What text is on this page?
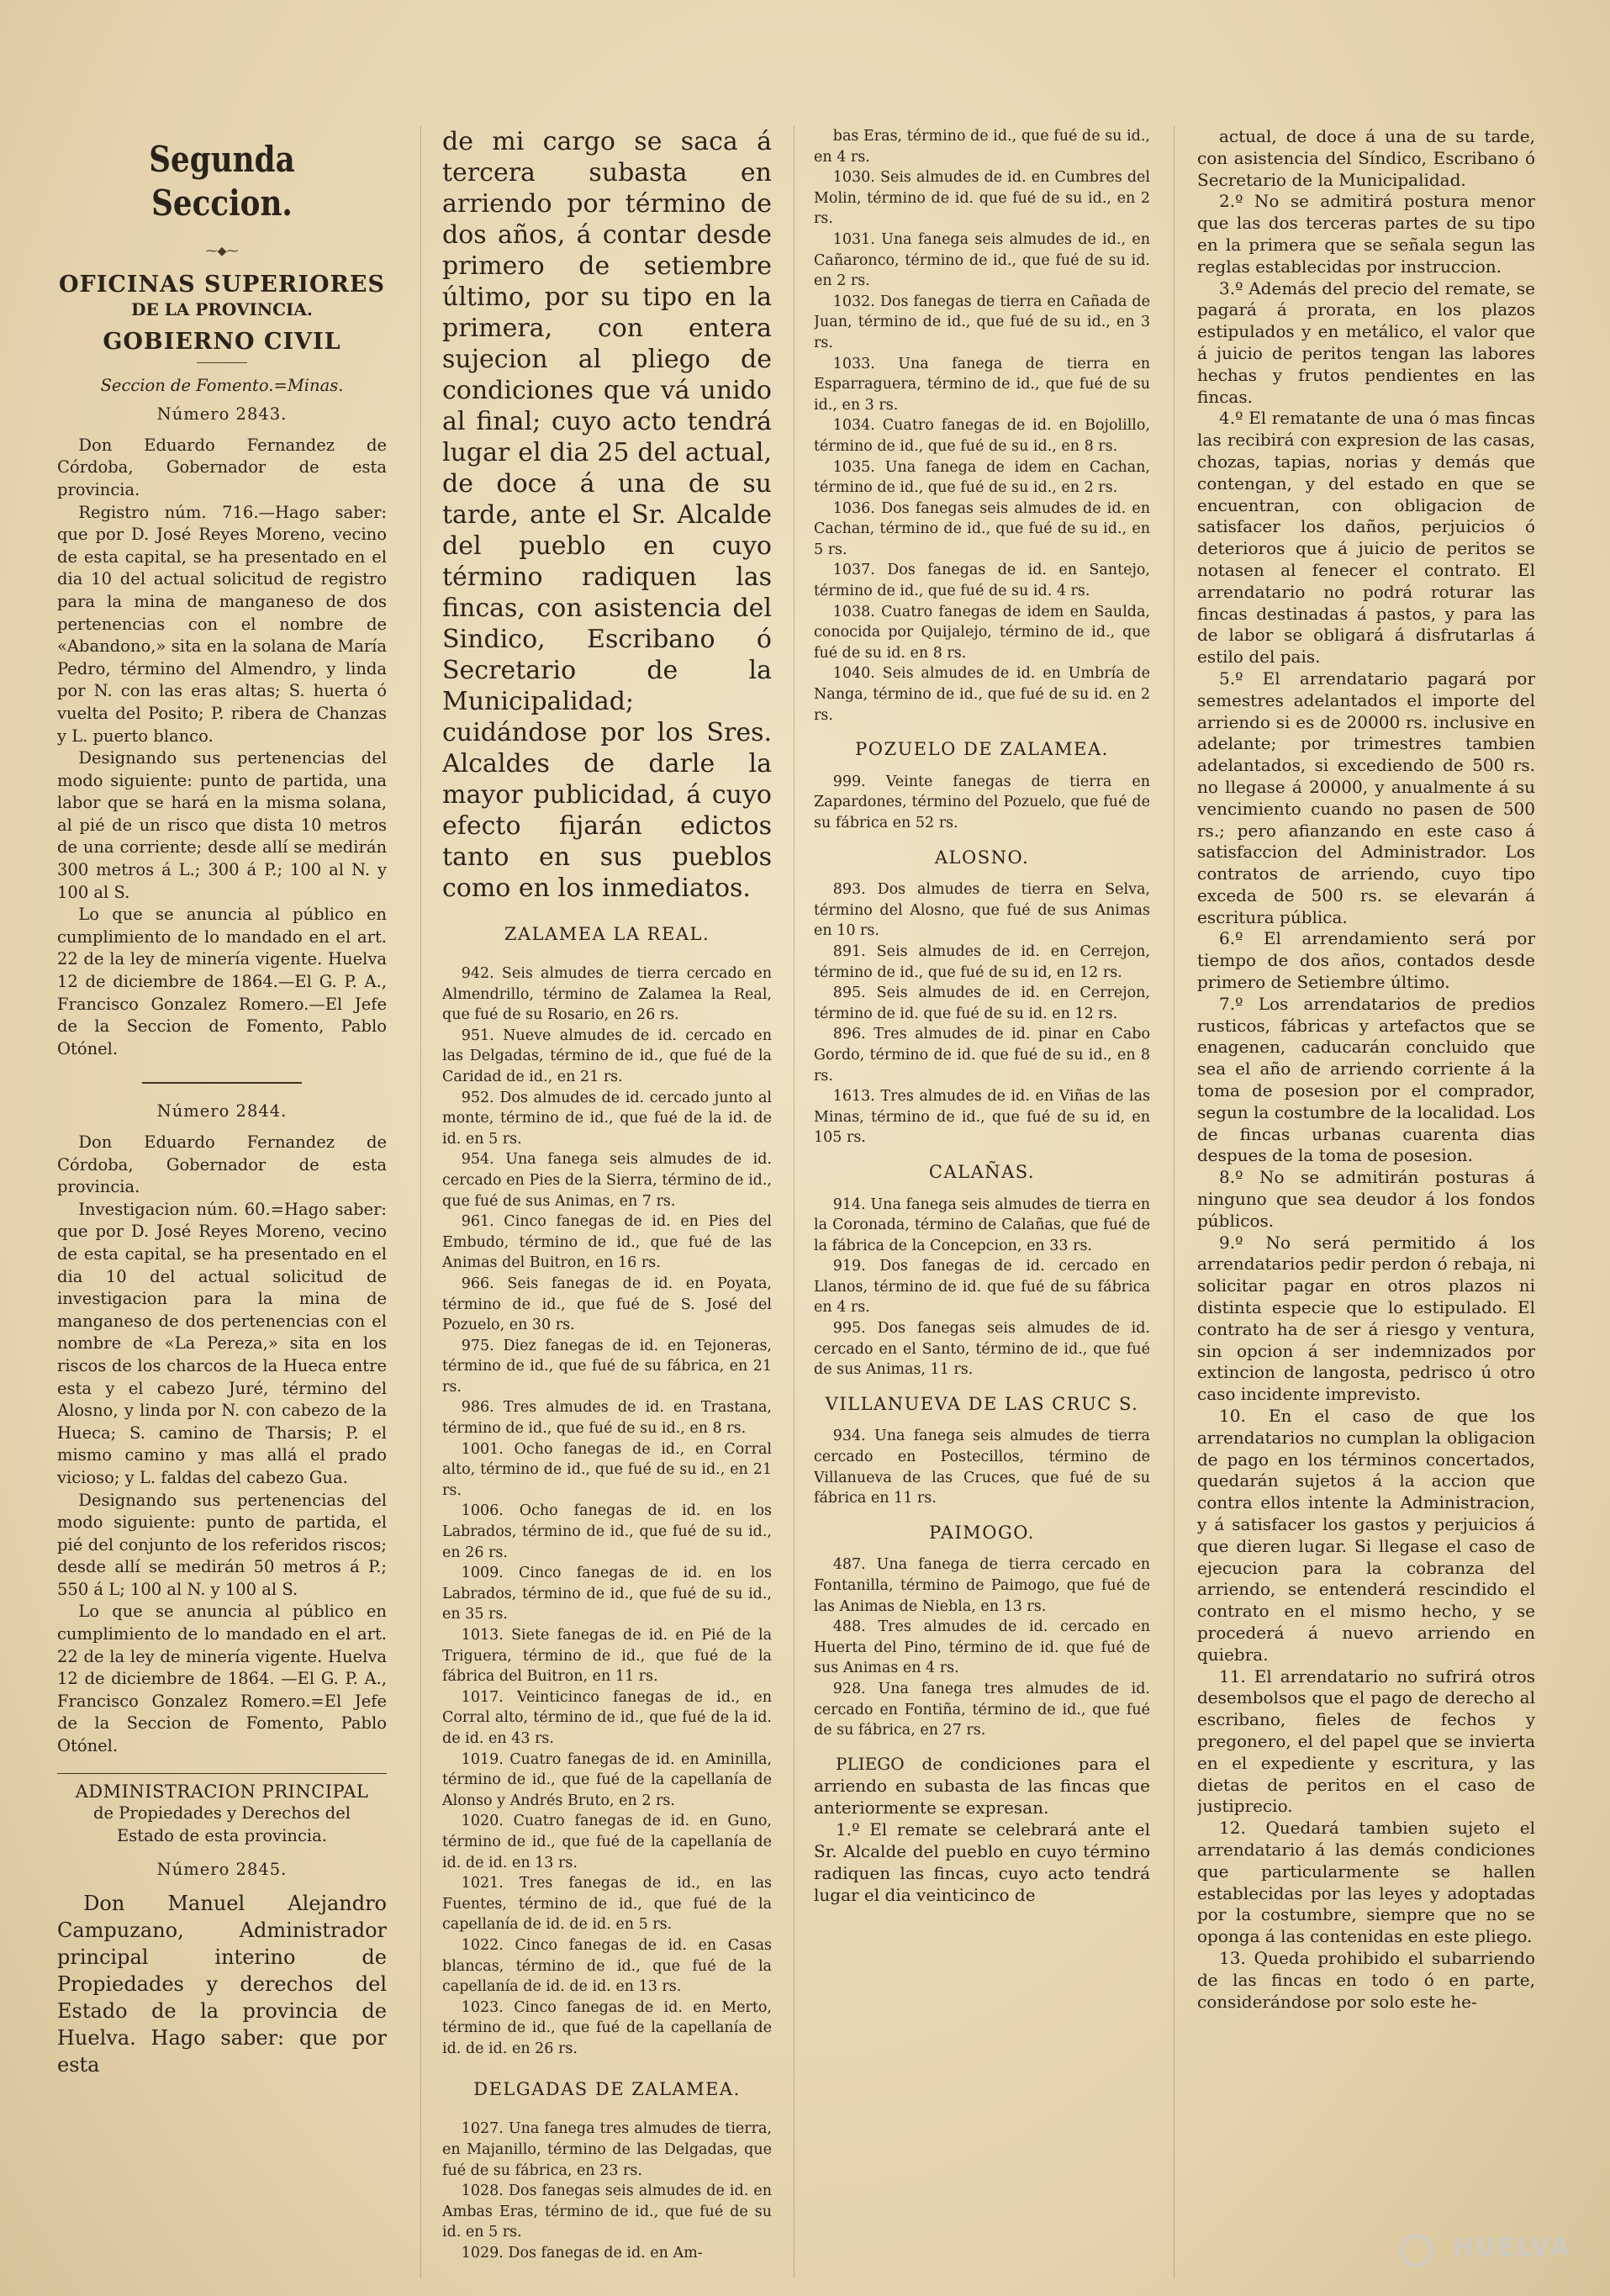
Segunda Seccion.
⁓◆⁓
OFICINAS SUPERIORES
DE LA PROVINCIA.
GOBIERNO CIVIL
Seccion de Fomento.=Minas.
Número 2843.

Don Eduardo Fernandez de Córdoba, Gobernador de esta provincia.

Registro núm. 716.—Hago saber: que por D. José Reyes Moreno, vecino de esta capital, se ha presentado en el dia 10 del actual solicitud de registro para la mina de manganeso de dos pertenencias con el nombre de «Abandono,» sita en la solana de María Pedro, término del Almendro, y linda por N. con las eras altas; S. huerta ó vuelta del Posito; P. ribera de Chanzas y L. puerto blanco.

Designando sus pertenencias del modo siguiente: punto de partida, una labor que se hará en la misma solana, al pié de un risco que dista 10 metros de una corriente; desde allí se medirán 300 metros á L.; 300 á P.; 100 al N. y 100 al S.

Lo que se anuncia al público en cumplimiento de lo mandado en el art. 22 de la ley de minería vigente. Huelva 12 de diciembre de 1864.—El G. P. A., Francisco Gonzalez Romero.—El Jefe de la Seccion de Fomento, Pablo Otónel.

Número 2844.

Don Eduardo Fernandez de Córdoba, Gobernador de esta provincia.

Investigacion núm. 60.=Hago saber: que por D. José Reyes Moreno, vecino de esta capital, se ha presentado en el dia 10 del actual solicitud de investigacion para la mina de manganeso de dos pertenencias con el nombre de «La Pereza,» sita en los riscos de los charcos de la Hueca entre esta y el cabezo Juré, término del Alosno, y linda por N. con cabezo de la Hueca; S. camino de Tharsis; P. el mismo camino y mas allá el prado vicioso; y L. faldas del cabezo Gua.

Designando sus pertenencias del modo siguiente: punto de partida, el pié del conjunto de los referidos riscos; desde allí se medirán 50 metros á P.; 550 á L; 100 al N. y 100 al S.

Lo que se anuncia al público en cumplimiento de lo mandado en el art. 22 de la ley de minería vigente. Huelva 12 de diciembre de 1864. —El G. P. A., Francisco Gonzalez Romero.=El Jefe de la Seccion de Fomento, Pablo Otónel.

ADMINISTRACION PRINCIPAL
de Propiedades y Derechos del
Estado de esta provincia.
Número 2845.

Don Manuel Alejandro Campuzano, Administrador principal interino de Propiedades y derechos del Estado de la provincia de Huelva. Hago saber: que por esta

de mi cargo se saca á tercera subasta en arriendo por término de dos años, á contar desde primero de setiembre último, por su tipo en la primera, con entera sujecion al pliego de condiciones que vá unido al final; cuyo acto tendrá lugar el dia 25 del actual, de doce á una de su tarde, ante el Sr. Alcalde del pueblo en cuyo término radiquen las fincas, con asistencia del Sindico, Escribano ó Secretario de la Municipalidad; cuidándose por los Sres. Alcaldes de darle la mayor publicidad, á cuyo efecto fijarán edictos tanto en sus pueblos como en los inmediatos.

ZALAMEA LA REAL.

942. Seis almudes de tierra cercado en Almendrillo, término de Zalamea la Real, que fué de su Rosario, en 26 rs.

951. Nueve almudes de id. cercado en las Delgadas, término de id., que fué de la Caridad de id., en 21 rs.

952. Dos almudes de id. cercado junto al monte, término de id., que fué de la id. de id. en 5 rs.

954. Una fanega seis almudes de id. cercado en Pies de la Sierra, término de id., que fué de sus Animas, en 7 rs.

961. Cinco fanegas de id. en Pies del Embudo, término de id., que fué de las Animas del Buitron, en 16 rs.

966. Seis fanegas de id. en Poyata, término de id., que fué de S. José del Pozuelo, en 30 rs.

975. Diez fanegas de id. en Tejoneras, término de id., que fué de su fábrica, en 21 rs.

986. Tres almudes de id. en Trastana, término de id., que fué de su id., en 8 rs.

1001. Ocho fanegas de id., en Corral alto, término de id., que fué de su id., en 21 rs.

1006. Ocho fanegas de id. en los Labrados, término de id., que fué de su id., en 26 rs.

1009. Cinco fanegas de id. en los Labrados, término de id., que fué de su id., en 35 rs.

1013. Siete fanegas de id. en Pié de la Triguera, término de id., que fué de la fábrica del Buitron, en 11 rs.

1017. Veinticinco fanegas de id., en Corral alto, término de id., que fué de la id. de id. en 43 rs.

1019. Cuatro fanegas de id. en Aminilla, término de id., que fué de la capellanía de Alonso y Andrés Bruto, en 2 rs.

1020. Cuatro fanegas de id. en Guno, término de id., que fué de la capellanía de id. de id. en 13 rs.

1021. Tres fanegas de id., en las Fuentes, término de id., que fué de la capellanía de id. de id. en 5 rs.

1022. Cinco fanegas de id. en Casas blancas, término de id., que fué de la capellanía de id. de id. en 13 rs.

1023. Cinco fanegas de id. en Merto, término de id., que fué de la capellanía de id. de id. en 26 rs.

DELGADAS DE ZALAMEA.

1027. Una fanega tres almudes de tierra, en Majanillo, término de las Delgadas, que fué de su fábrica, en 23 rs.

1028. Dos fanegas seis almudes de id. en Ambas Eras, término de id., que fué de su id. en 5 rs.

1029. Dos fanegas de id. en Am-

bas Eras, término de id., que fué de su id., en 4 rs.

1030. Seis almudes de id. en Cumbres del Molin, término de id. que fué de su id., en 2 rs.

1031. Una fanega seis almudes de id., en Cañaronco, término de id., que fué de su id. en 2 rs.

1032. Dos fanegas de tierra en Cañada de Juan, término de id., que fué de su id., en 3 rs.

1033. Una fanega de tierra en Esparraguera, término de id., que fué de su id., en 3 rs.

1034. Cuatro fanegas de id. en Bojolillo, término de id., que fué de su id., en 8 rs.

1035. Una fanega de idem en Cachan, término de id., que fué de su id., en 2 rs.

1036. Dos fanegas seis almudes de id. en Cachan, término de id., que fué de su id., en 5 rs.

1037. Dos fanegas de id. en Santejo, término de id., que fué de su id. 4 rs.

1038. Cuatro fanegas de idem en Saulda, conocida por Quijalejo, término de id., que fué de su id. en 8 rs.

1040. Seis almudes de id. en Umbría de Nanga, término de id., que fué de su id. en 2 rs.

POZUELO DE ZALAMEA.

999. Veinte fanegas de tierra en Zapardones, término del Pozuelo, que fué de su fábrica en 52 rs.

ALOSNO.

893. Dos almudes de tierra en Selva, término del Alosno, que fué de sus Animas en 10 rs.

891. Seis almudes de id. en Cerrejon, término de id., que fué de su id, en 12 rs.

895. Seis almudes de id. en Cerrejon, término de id. que fué de su id. en 12 rs.

896. Tres almudes de id. pinar en Cabo Gordo, término de id. que fué de su id., en 8 rs.

1613. Tres almudes de id. en Viñas de las Minas, término de id., que fué de su id, en 105 rs.

CALAÑAS.

914. Una fanega seis almudes de tierra en la Coronada, término de Calañas, que fué de la fábrica de la Concepcion, en 33 rs.

919. Dos fanegas de id. cercado en Llanos, término de id. que fué de su fábrica en 4 rs.

995. Dos fanegas seis almudes de id. cercado en el Santo, término de id., que fué de sus Animas, 11 rs.

VILLANUEVA DE LAS CRUC S.

934. Una fanega seis almudes de tierra cercado en Postecillos, término de Villanueva de las Cruces, que fué de su fábrica en 11 rs.

PAIMOGO.

487. Una fanega de tierra cercado en Fontanilla, término de Paimogo, que fué de las Animas de Niebla, en 13 rs.

488. Tres almudes de id. cercado en Huerta del Pino, término de id. que fué de sus Animas en 4 rs.

928. Una fanega tres almudes de id. cercado en Fontiña, término de id., que fué de su fábrica, en 27 rs.

PLIEGO de condiciones para el arriendo en subasta de las fincas que anteriormente se expresan.

1.º El remate se celebrará ante el Sr. Alcalde del pueblo en cuyo término radiquen las fincas, cuyo acto tendrá lugar el dia veinticinco de

actual, de doce á una de su tarde, con asistencia del Síndico, Escribano ó Secretario de la Municipalidad.

2.º No se admitirá postura menor que las dos terceras partes de su tipo en la primera que se señala segun las reglas establecidas por instruccion.

3.º Además del precio del remate, se pagará á prorata, en los plazos estipulados y en metálico, el valor que á juicio de peritos tengan las labores hechas y frutos pendientes en las fincas.

4.º El rematante de una ó mas fincas las recibirá con expresion de las casas, chozas, tapias, norias y demás que contengan, y del estado en que se encuentran, con obligacion de satisfacer los daños, perjuicios ó deterioros que á juicio de peritos se notasen al fenecer el contrato. El arrendatario no podrá roturar las fincas destinadas á pastos, y para las de labor se obligará á disfrutarlas á estilo del pais.

5.º El arrendatario pagará por semestres adelantados el importe del arriendo si es de 20000 rs. inclusive en adelante; por trimestres tambien adelantados, si excediendo de 500 rs. no llegase á 20000, y anualmente á su vencimiento cuando no pasen de 500 rs.; pero afianzando en este caso á satisfaccion del Administrador. Los contratos de arriendo, cuyo tipo exceda de 500 rs. se elevarán á escritura pública.

6.º El arrendamiento será por tiempo de dos años, contados desde primero de Setiembre último.

7.º Los arrendatarios de predios rusticos, fábricas y artefactos que se enagenen, caducarán concluido que sea el año de arriendo corriente á la toma de posesion por el comprador, segun la costumbre de la localidad. Los de fincas urbanas cuarenta dias despues de la toma de posesion.

8.º No se admitirán posturas á ninguno que sea deudor á los fondos públicos.

9.º No será permitido á los arrendatarios pedir perdon ó rebaja, ni solicitar pagar en otros plazos ni distinta especie que lo estipulado. El contrato ha de ser á riesgo y ventura, sin opcion á ser indemnizados por extincion de langosta, pedrisco ú otro caso incidente imprevisto.

10. En el caso de que los arrendatarios no cumplan la obligacion de pago en los términos concertados, quedarán sujetos á la accion que contra ellos intente la Administracion, y á satisfacer los gastos y perjuicios á que dieren lugar. Si llegase el caso de ejecucion para la cobranza del arriendo, se entenderá rescindido el contrato en el mismo hecho, y se procederá á nuevo arriendo en quiebra.

11. El arrendatario no sufrirá otros desembolsos que el pago de derecho al escribano, fieles de fechos y pregonero, el del papel que se invierta en el expediente y escritura, y las dietas de peritos en el caso de justiprecio.

12. Quedará tambien sujeto el arrendatario á las demás condiciones que particularmente se hallen establecidas por las leyes y adoptadas por la costumbre, siempre que no se oponga á las contenidas en este pliego.

13. Queda prohibido el subarriendo de las fincas en todo ó en parte, considerándose por solo este he-

HUELVA
